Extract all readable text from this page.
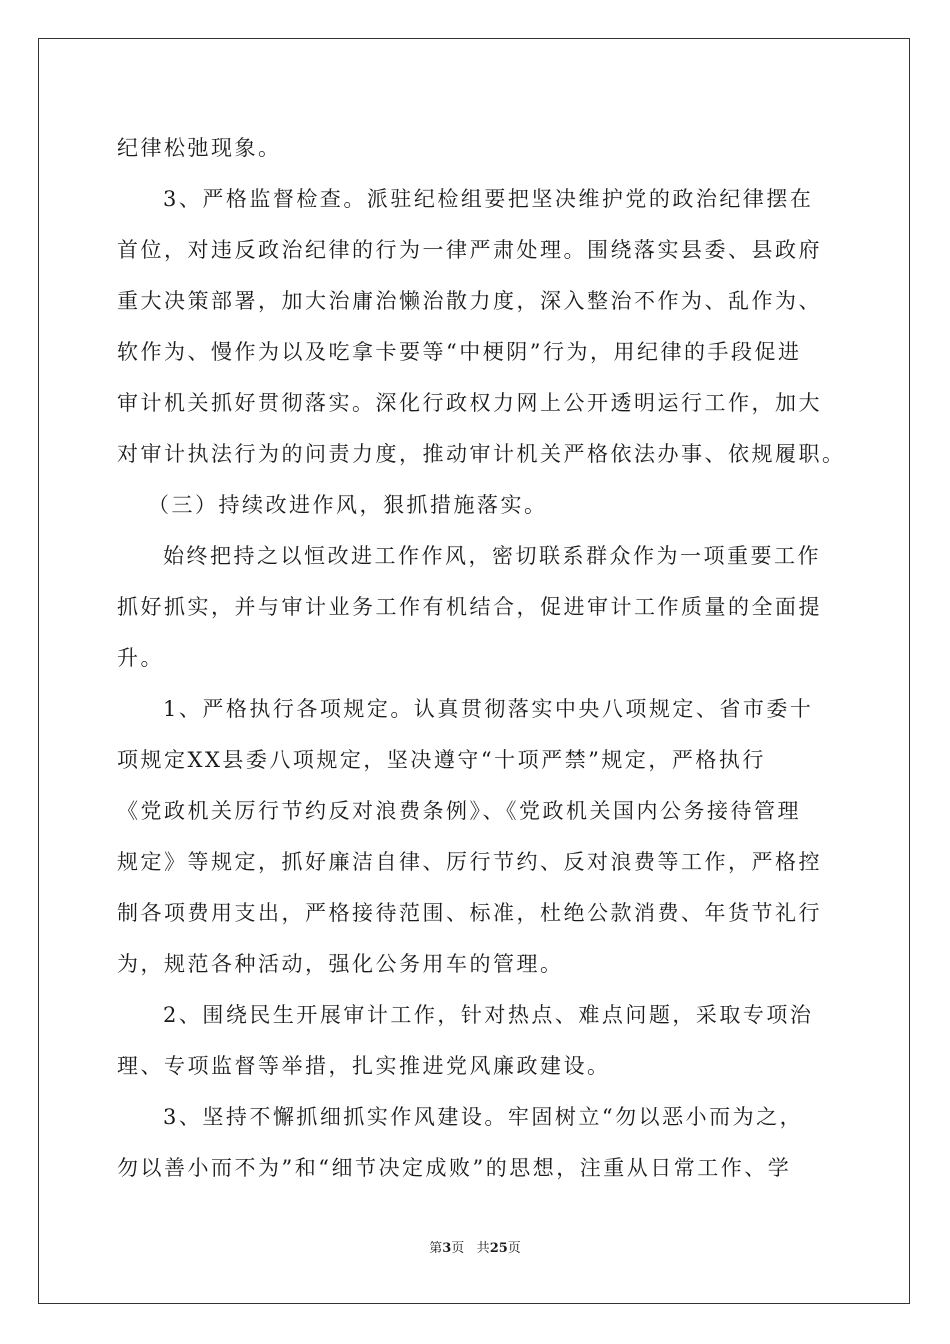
纪律松弛现象。
3、严格监督检查。派驻纪检组要把坚决维护党的政治纪律摆在
首位，对违反政治纪律的行为一律严肃处理。围绕落实县委、县政府
重大决策部署，加大治庸治懒治散力度，深入整治不作为、乱作为、
软作为、慢作为以及吃拿卡要等“中梗阴”行为，用纪律的手段促进
审计机关抓好贯彻落实。深化行政权力网上公开透明运行工作，加大
对审计执法行为的问责力度，推动审计机关严格依法办事、依规履职。
（三）持续改进作风，狠抓措施落实。
始终把持之以恒改进工作作风，密切联系群众作为一项重要工作
抓好抓实，并与审计业务工作有机结合，促进审计工作质量的全面提
升。
1、严格执行各项规定。认真贯彻落实中央八项规定、省市委十
项规定XX县委八项规定，坚决遵守“十项严禁”规定，严格执行
《党政机关厉行节约反对浪费条例》、《党政机关国内公务接待管理
规定》等规定，抓好廉洁自律、厉行节约、反对浪费等工作，严格控
制各项费用支出，严格接待范围、标准，杜绝公款消费、年货节礼行
为，规范各种活动，强化公务用车的管理。
2、围绕民生开展审计工作，针对热点、难点问题，采取专项治
理、专项监督等举措，扎实推进党风廉政建设。
3、坚持不懈抓细抓实作风建设。牢固树立“勿以恶小而为之，
勿以善小而不为”和“细节决定成败”的思想，注重从日常工作、学
第3页 共25页
